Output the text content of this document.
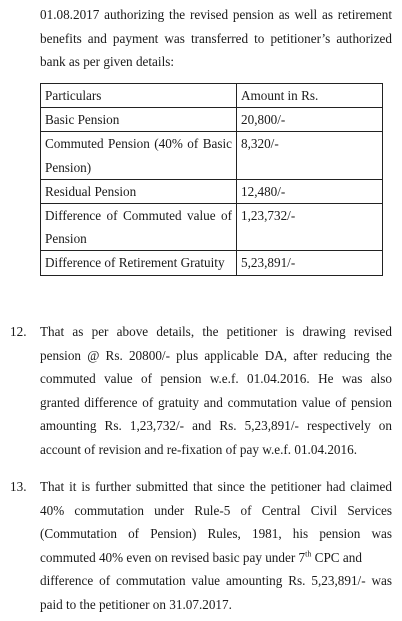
01.08.2017 authorizing the revised pension as well as retirement
benefits and payment was transferred to petitioner’s authorized
bank as per given details:
Particulars	Amount in Rs.
Basic Pension	20,800/-
Commuted Pension (40% of Basic Pension)	8,320/-
Residual Pension	12,480/-
Difference of Commuted value of Pension	1,23,732/-
Difference of Retirement Gratuity	5,23,891/-
12. That as per above details, the petitioner is drawing revised
pension @ Rs. 20800/- plus applicable DA, after reducing the
commuted value of pension w.e.f. 01.04.2016. He was also
granted difference of gratuity and commutation value of pension
amounting Rs. 1,23,732/- and Rs. 5,23,891/- respectively on
account of revision and re-fixation of pay w.e.f. 01.04.2016.
13. That it is further submitted that since the petitioner had claimed
40% commutation under Rule-5 of Central Civil Services
(Commutation of Pension) Rules, 1981, his pension was
commuted 40% even on revised basic pay under 7th CPC and
difference of commutation value amounting Rs. 5,23,891/- was
paid to the petitioner on 31.07.2017.
